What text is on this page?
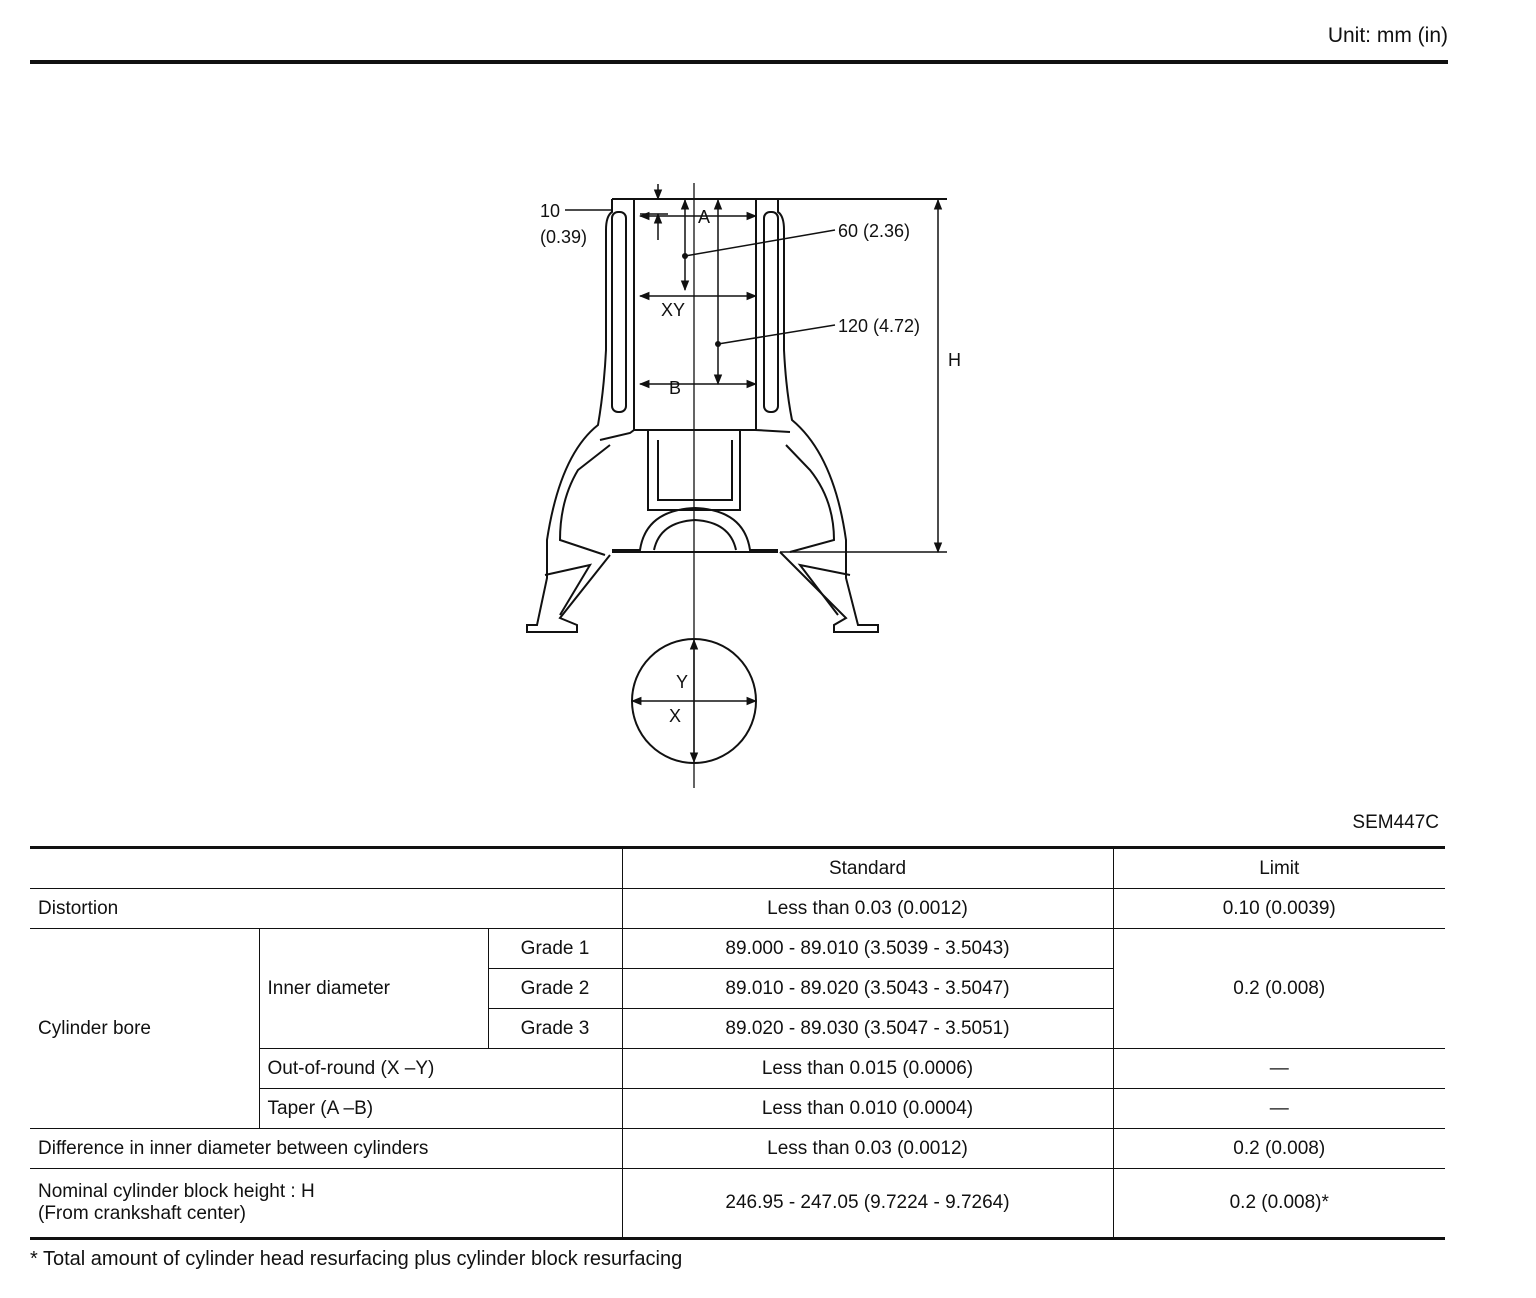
Unit: mm (in)
10
(0.39)
A
XY
B
60 (2.36)
120 (4.72)
H
Y
X
SEM447C
			Standard	Limit
Distortion			Less than 0.03 (0.0012)	0.10 (0.0039)
Cylinder bore	Inner diameter	Grade 1	89.000 - 89.010 (3.5039 - 3.5043)	0.2 (0.008)
		Grade 2	89.010 - 89.020 (3.5043 - 3.5047)	
		Grade 3	89.020 - 89.030 (3.5047 - 3.5051)	
	Out-of-round (X –Y)		Less than 0.015 (0.0006)	—
	Taper (A –B)		Less than 0.010 (0.0004)	—
Difference in inner diameter between cylinders			Less than 0.03 (0.0012)	0.2 (0.008)

Nominal cylinder block height : H
(From crankshaft center)			246.95 - 247.05 (9.7224 - 9.7264)	0.2 (0.008)*
* Total amount of cylinder head resurfacing plus cylinder block resurfacing
